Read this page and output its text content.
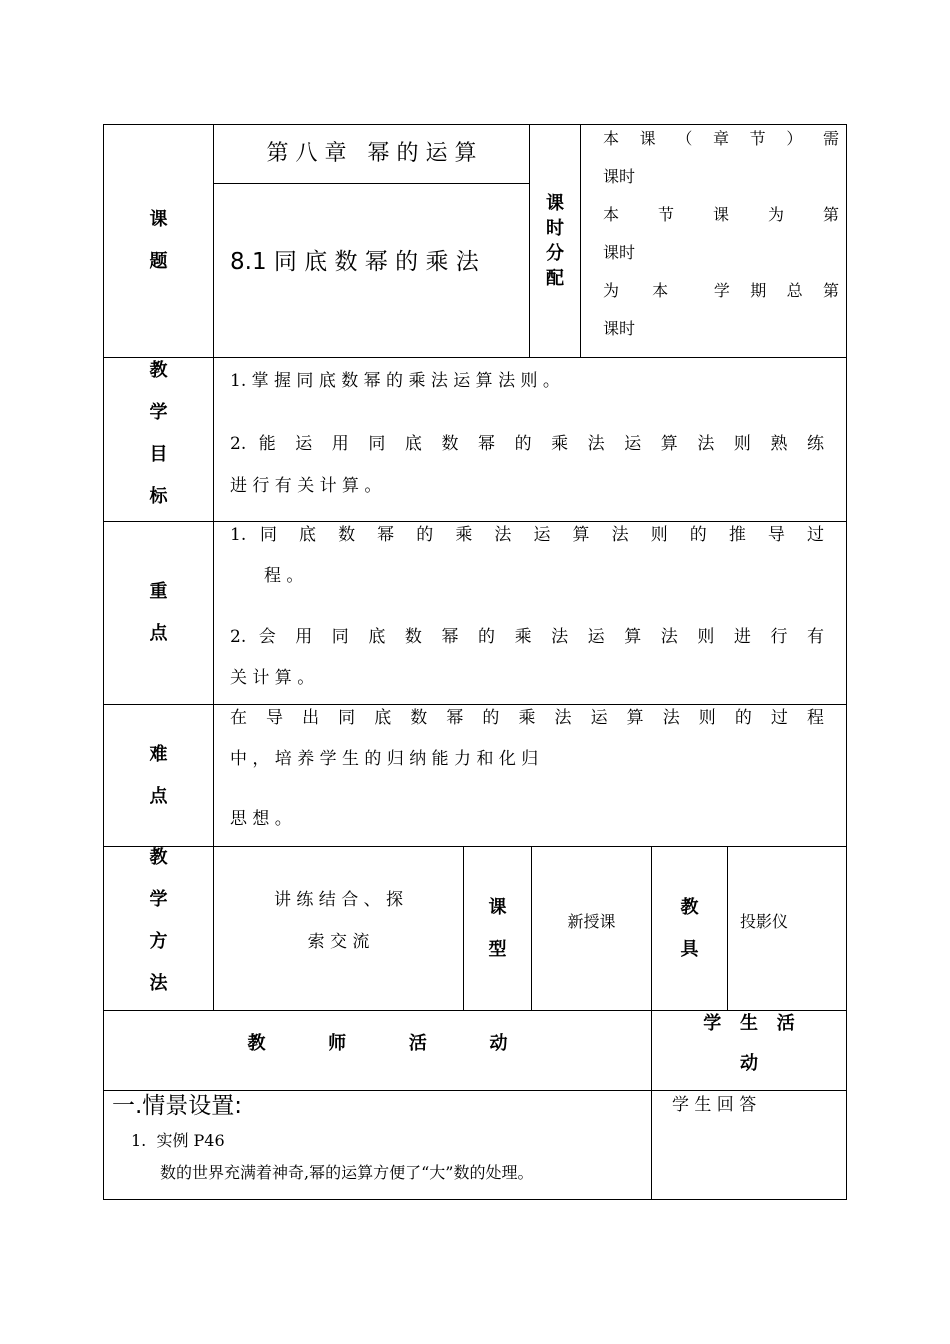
课
题
第 八 章   幂 的 运 算
8.1 同 底 数 幂 的 乘 法
课
时
分
配
本 课 （ 章 节 ） 需
课时
本 节 课 为 第
课时
为  本   学 期 总 第
课时
教
学
目
标
1. 掌 握 同 底 数 幂 的 乘 法 运 算 法 则 。
2. 能 运 用 同 底 数 幂 的 乘 法 运 算 法 则 熟 练
进 行 有 关 计 算 。
重
点
1. 同 底 数 幂 的 乘 法 运 算 法 则 的 推 导 过
程 。
2. 会 用 同 底 数 幂 的 乘 法 运 算 法 则 进 行 有
关 计 算 。
难
点
在 导 出 同 底 数 幂 的 乘 法 运 算 法 则 的 过 程
中 ， 培 养 学 生 的 归 纳 能 力 和 化 归
思 想 。
教
学
方
法
讲 练 结 合 、 探
索 交 流
课
型
新授课
教
具
投影仪
教          师          活          动
学   生   活
动
一.情景设置:
1.  实例 P46
数的世界充满着神奇,幂的运算方便了“大”数的处理。
学 生 回 答
